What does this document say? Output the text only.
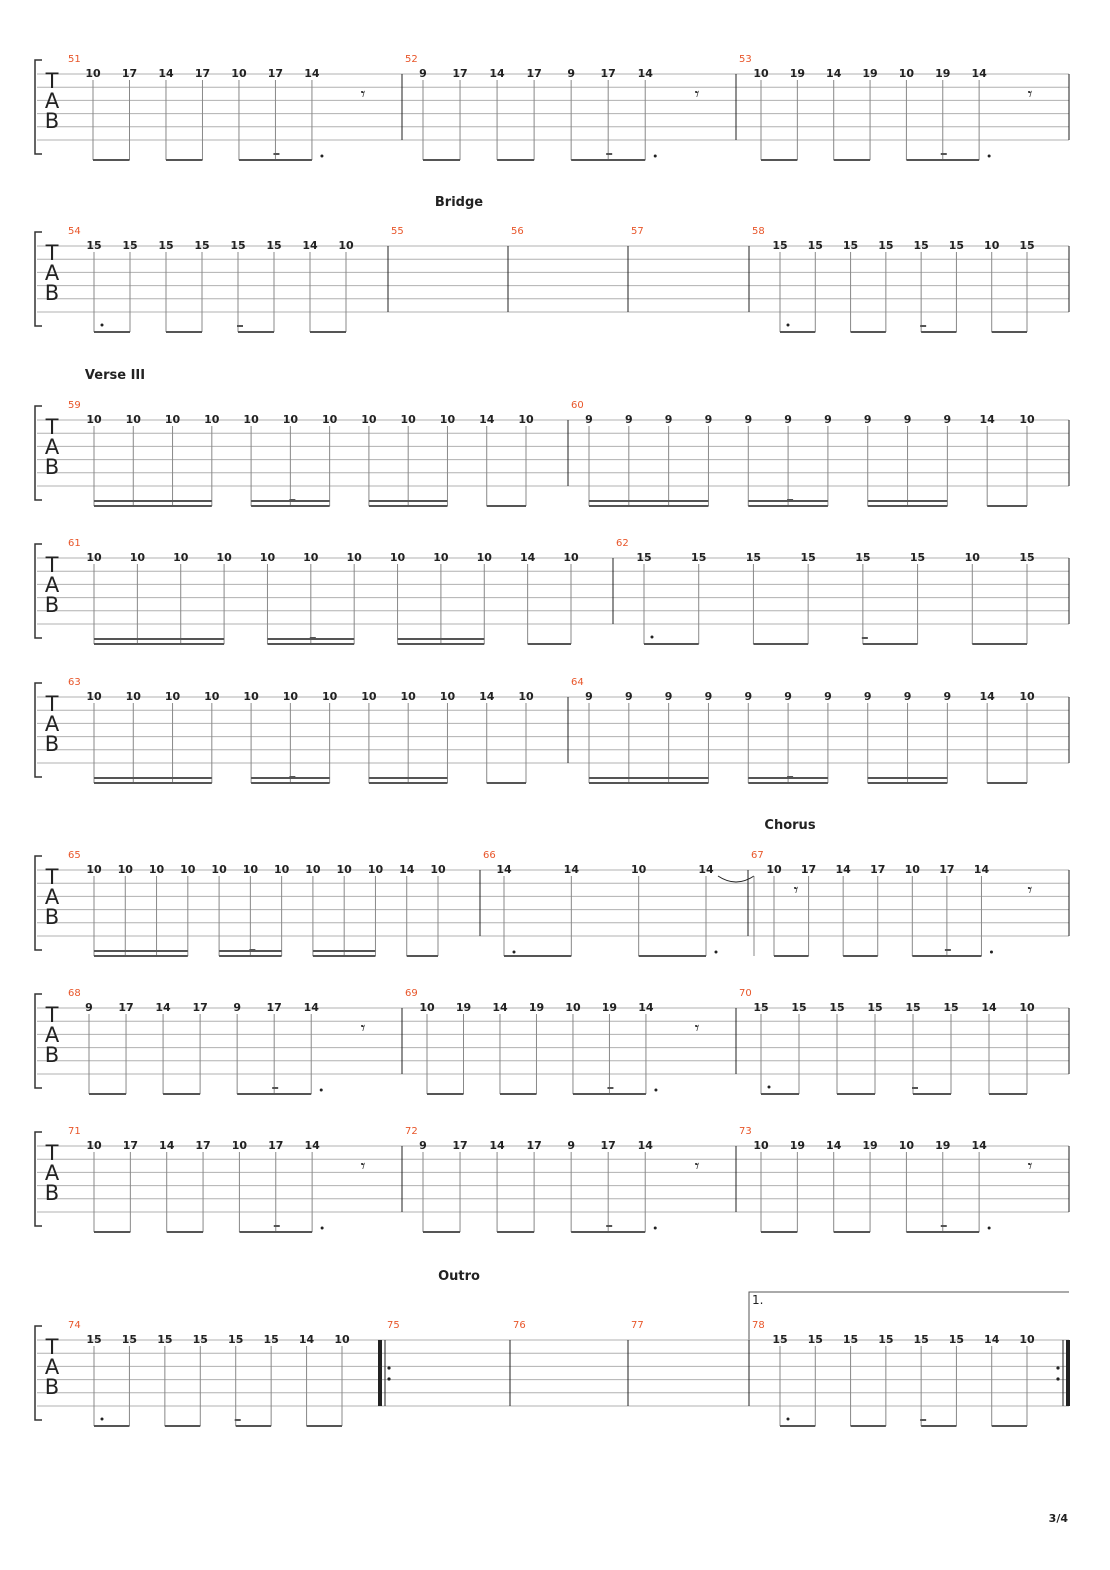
T
A
B
51
10 17 14 17 10 17 14
𝄾
52
9 17 14 17 9 17 14
𝄾
53
10 19 14 19 10 19 14
𝄾
Bridge
T
A
B
54
15 15 15 15 15 15 14 10
55	56	57	58
15 15 15 15 15 15 10 15
Verse III
T
A
B
59
10 10 10 10 10 10 10 10 10 10 14 10
60
9	9	9	9	9	9	9	9	9	9	14 10
T
A
B
61
10	10	10	10	10	10	10	10	10	10	14	10
62
15	15	15	15	15	15	10	15
T
A
B
63
10 10 10 10 10 10 10 10 10 10 14 10
64
9	9	9	9	9	9	9	9	9	9	14 10
Chorus
T
A
B
65
10 10 10 10 10 10 10 10 10 10 14 10
66
14	14	10	14
𝄾
67
10 17 14 17 10 17 14
𝄾
T
A
B
68
9 17 14 17 9 17 14
𝄾
69
10 19 14 19 10 19 14
𝄾
70
15 15 15 15 15 15 14 10
T
A
B
71
10 17 14 17 10 17 14
𝄾
72
9 17 14 17 9 17 14
𝄾
73
10 19 14 19 10 19 14
𝄾
Outro
1.
T
A
B
74
15 15 15 15 15 15 14 10
75	76	77	78
15 15 15 15 15 15 14 10
3/4
